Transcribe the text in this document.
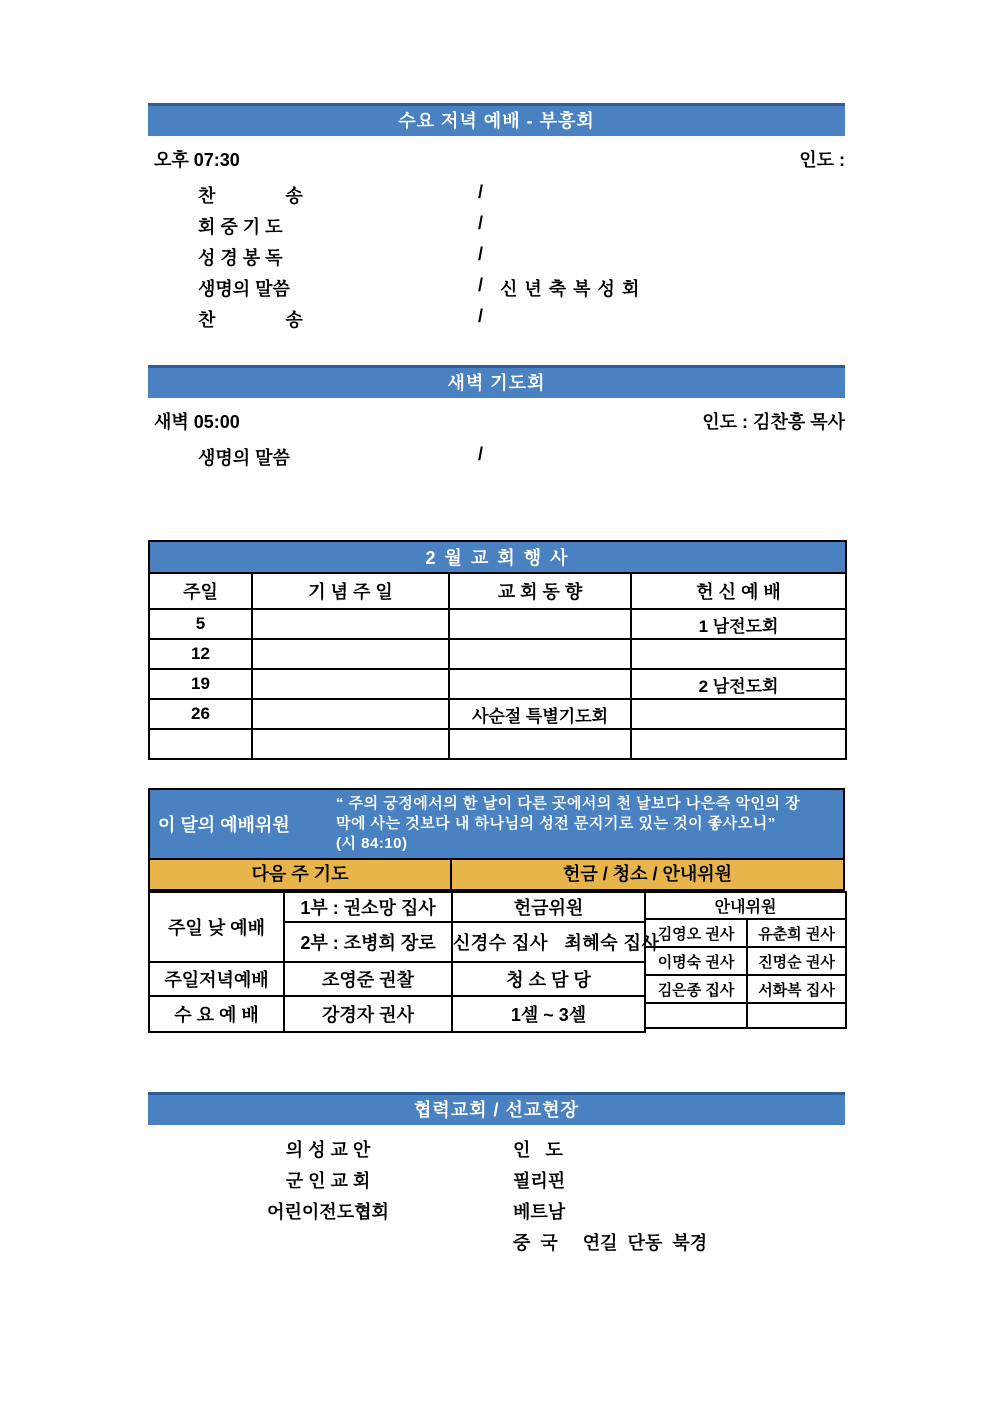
수요 저녁 예배 - 부흥회
오후 07:30	인도 :
찬              송	/
회 중 기 도	/
성 경 봉 독	/
생명의 말씀	/ 신 년 축 복 성 회
찬              송	/
새벽 기도회
새벽 05:00	인도 : 김찬흥 목사
생명의 말씀	/
2 월 교 회 행 사			
주일	기 념 주 일	교 회 동 향	헌 신 예 배
5			1 남전도회
12			
19			2 남전도회
26		사순절 특별기도회	

이 달의 예배위원
“ 주의 궁정에서의 한 날이 다른 곳에서의 천 날보다 나은즉 악인의 장
막에 사는 것보다 내 하나님의 성전 문지기로 있는 것이 좋사오니”
(시 84:10)
다음 주 기도	헌금 / 청소 / 안내위원
주일 낮 예배	1부 : 권소망 집사	헌금위원
	2부 : 조병희 장로	신경수 집사   최혜숙 집사
주일저녁예배	조영준 권찰	청 소 담 당
수 요 예 배	강경자 권사	1셀 ~ 3셀
안내위원	
김영오 권사	유춘희 권사
이명숙 권사	진명순 권사
김은종 집사	서화복 집사

협력교회 / 선교현장
의 성 교 안	인   도
군 인 교 회	필리핀
어린이전도협회	베트남
중  국     연길  단동  북경
